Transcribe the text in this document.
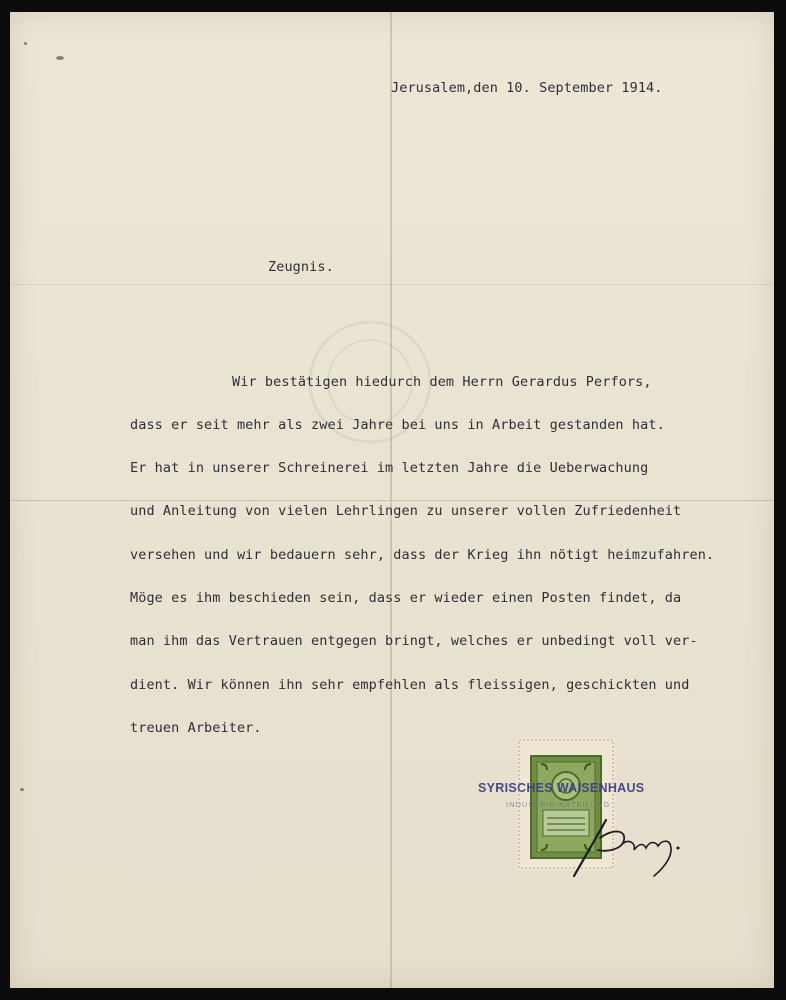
Jerusalem,den 10. September 1914.
Zeugnis.
Wir bestätigen hiedurch dem Herrn Gerardus Perfors,
dass er seit mehr als zwei Jahre bei uns in Arbeit gestanden hat.
Er hat in unserer Schreinerei im letzten Jahre die Ueberwachung
und Anleitung von vielen Lehrlingen zu unserer vollen Zufriedenheit
versehen und wir bedauern sehr, dass der Krieg ihn nötigt heimzufahren.
Möge es ihm beschieden sein, dass er wieder einen Posten findet, da
man ihm das Vertrauen entgegen bringt, welches er unbedingt voll ver-
dient. Wir können ihn sehr empfehlen als fleissigen, geschickten und
treuen Arbeiter.
SYRISCHES WAISENHAUS
INDUSTRIE-ABTEILUNG
